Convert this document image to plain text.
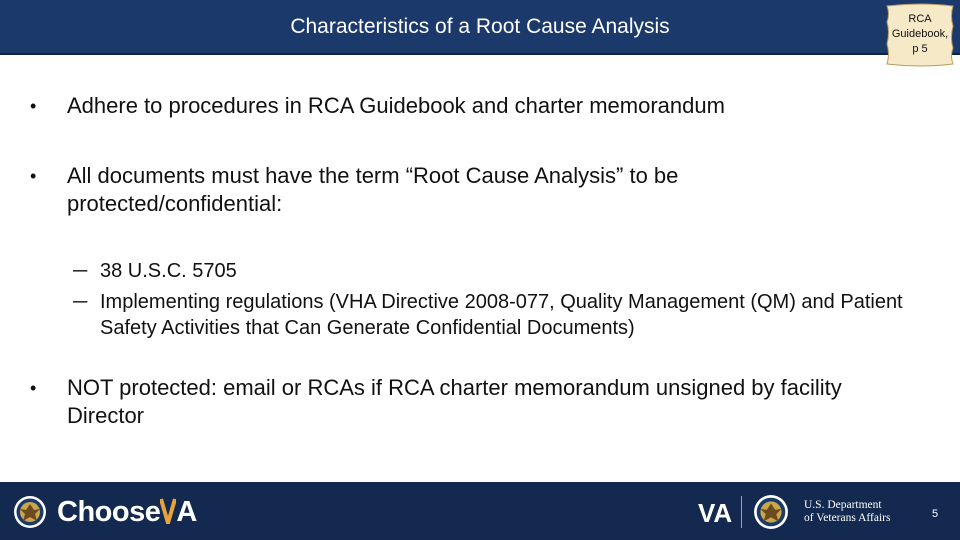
Characteristics of a Root Cause Analysis	RCA
Guidebook,
p 5
•	Adhere to procedures in RCA Guidebook and charter memorandum
•	All documents must have the term “Root Cause Analysis” to be protected/confidential:
─ 38 U.S.C. 5705
─ Implementing regulations (VHA Directive 2008-077, Quality Management (QM) and Patient Safety Activities that Can Generate Confidential Documents)
•	NOT protected: email or RCAs if RCA charter memorandum unsigned by facility Director
Choose A	VA	U.S. Department
of Veterans Affairs	5
